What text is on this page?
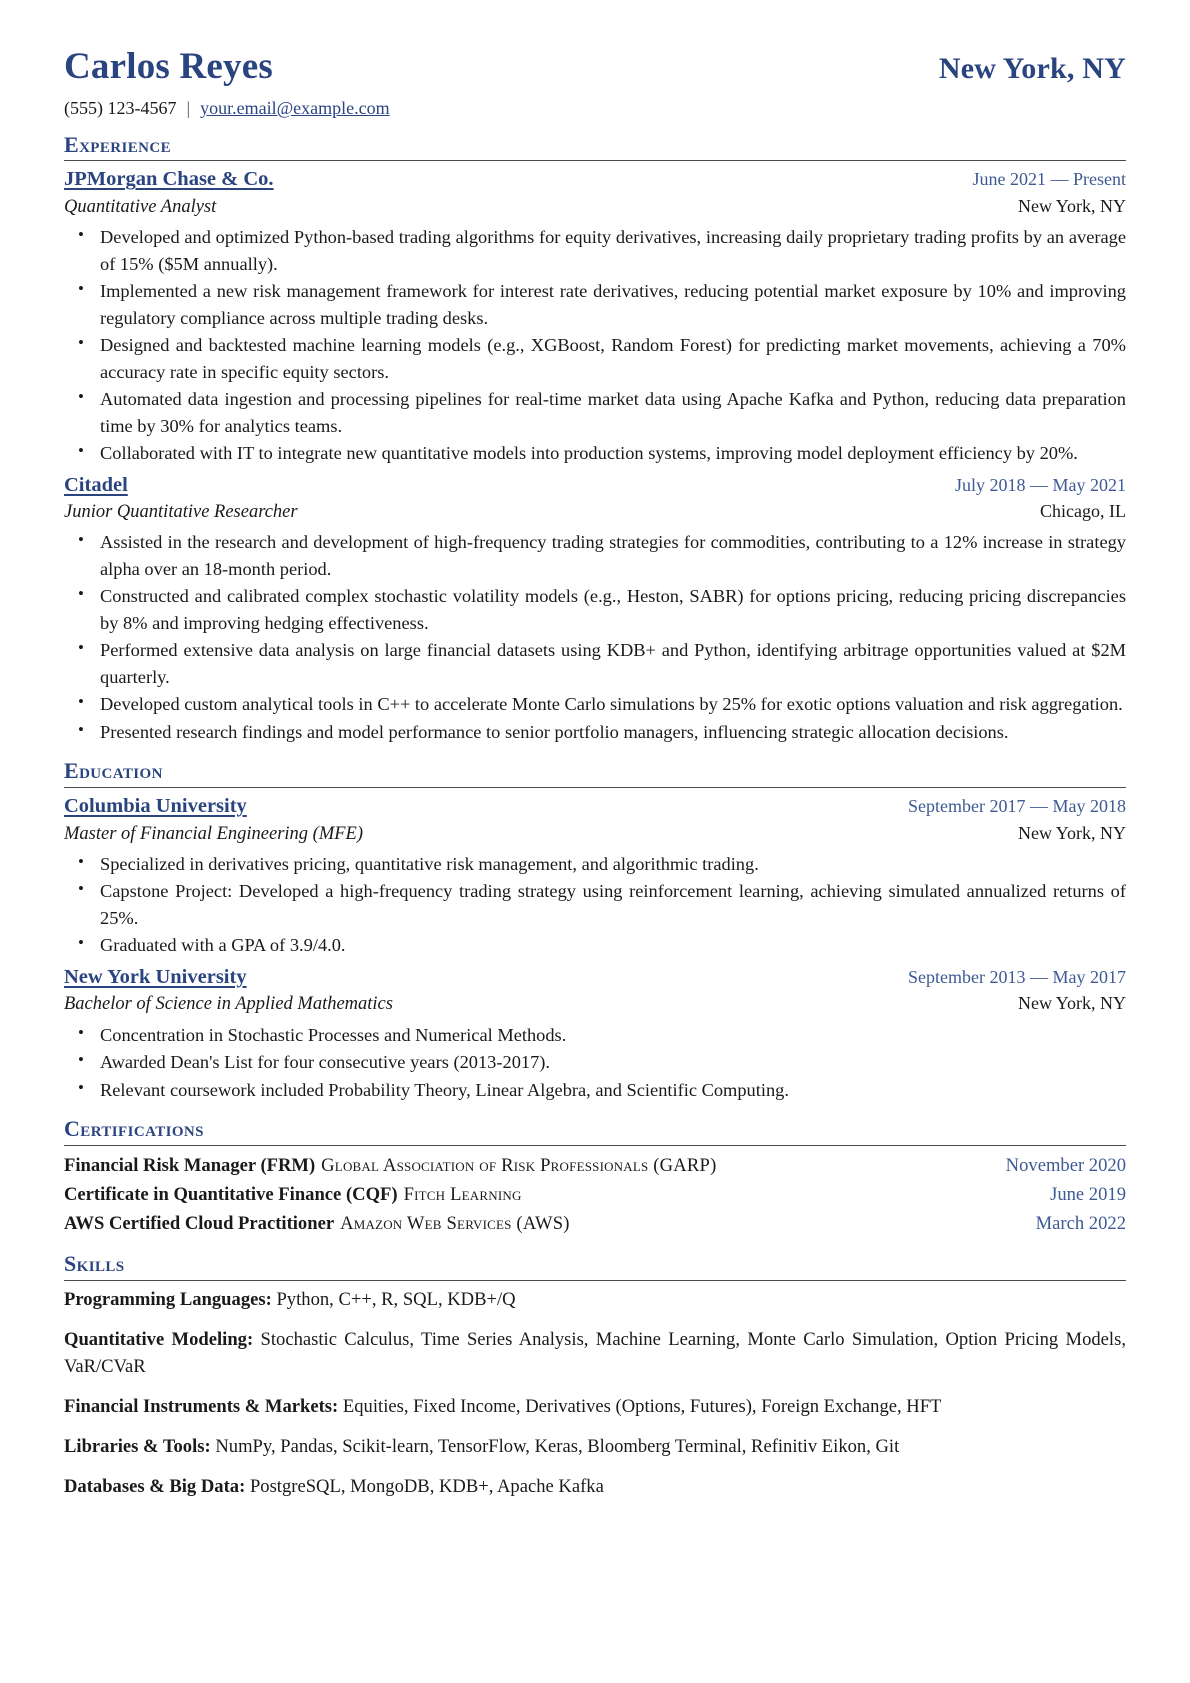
Carlos Reyes	New York, NY
(555) 123-4567 | your.email@example.com
Experience
JPMorgan Chase & Co.	June 2021 — Present
Quantitative Analyst	New York, NY
• Developed and optimized Python-based trading algorithms for equity derivatives, increasing daily proprietary trading profits by an average of 15% ($5M annually).
• Implemented a new risk management framework for interest rate derivatives, reducing potential market exposure by 10% and improving regulatory compliance across multiple trading desks.
• Designed and backtested machine learning models (e.g., XGBoost, Random Forest) for predicting market movements, achieving a 70% accuracy rate in specific equity sectors.
• Automated data ingestion and processing pipelines for real-time market data using Apache Kafka and Python, reducing data preparation time by 30% for analytics teams.
• Collaborated with IT to integrate new quantitative models into production systems, improving model deployment efficiency by 20%.
Citadel	July 2018 — May 2021
Junior Quantitative Researcher	Chicago, IL
• Assisted in the research and development of high-frequency trading strategies for commodities, contributing to a 12% increase in strategy alpha over an 18-month period.
• Constructed and calibrated complex stochastic volatility models (e.g., Heston, SABR) for options pricing, reducing pricing discrepancies by 8% and improving hedging effectiveness.
• Performed extensive data analysis on large financial datasets using KDB+ and Python, identifying arbitrage opportunities valued at $2M quarterly.
• Developed custom analytical tools in C++ to accelerate Monte Carlo simulations by 25% for exotic options valuation and risk aggregation.
• Presented research findings and model performance to senior portfolio managers, influencing strategic allocation decisions.
Education
Columbia University	September 2017 — May 2018
Master of Financial Engineering (MFE)	New York, NY
• Specialized in derivatives pricing, quantitative risk management, and algorithmic trading.
• Capstone Project: Developed a high-frequency trading strategy using reinforcement learning, achieving simulated annualized returns of 25%.
• Graduated with a GPA of 3.9/4.0.
New York University	September 2013 — May 2017
Bachelor of Science in Applied Mathematics	New York, NY
• Concentration in Stochastic Processes and Numerical Methods.
• Awarded Dean's List for four consecutive years (2013-2017).
• Relevant coursework included Probability Theory, Linear Algebra, and Scientific Computing.
Certifications
Financial Risk Manager (FRM) Global Association of Risk Professionals (GARP)	November 2020
Certificate in Quantitative Finance (CQF) Fitch Learning	June 2019
AWS Certified Cloud Practitioner Amazon Web Services (AWS)	March 2022
Skills
Programming Languages: Python, C++, R, SQL, KDB+/Q
Quantitative Modeling: Stochastic Calculus, Time Series Analysis, Machine Learning, Monte Carlo Simulation, Option Pricing Models, VaR/CVaR
Financial Instruments & Markets: Equities, Fixed Income, Derivatives (Options, Futures), Foreign Exchange, HFT
Libraries & Tools: NumPy, Pandas, Scikit-learn, TensorFlow, Keras, Bloomberg Terminal, Refinitiv Eikon, Git
Databases & Big Data: PostgreSQL, MongoDB, KDB+, Apache Kafka
